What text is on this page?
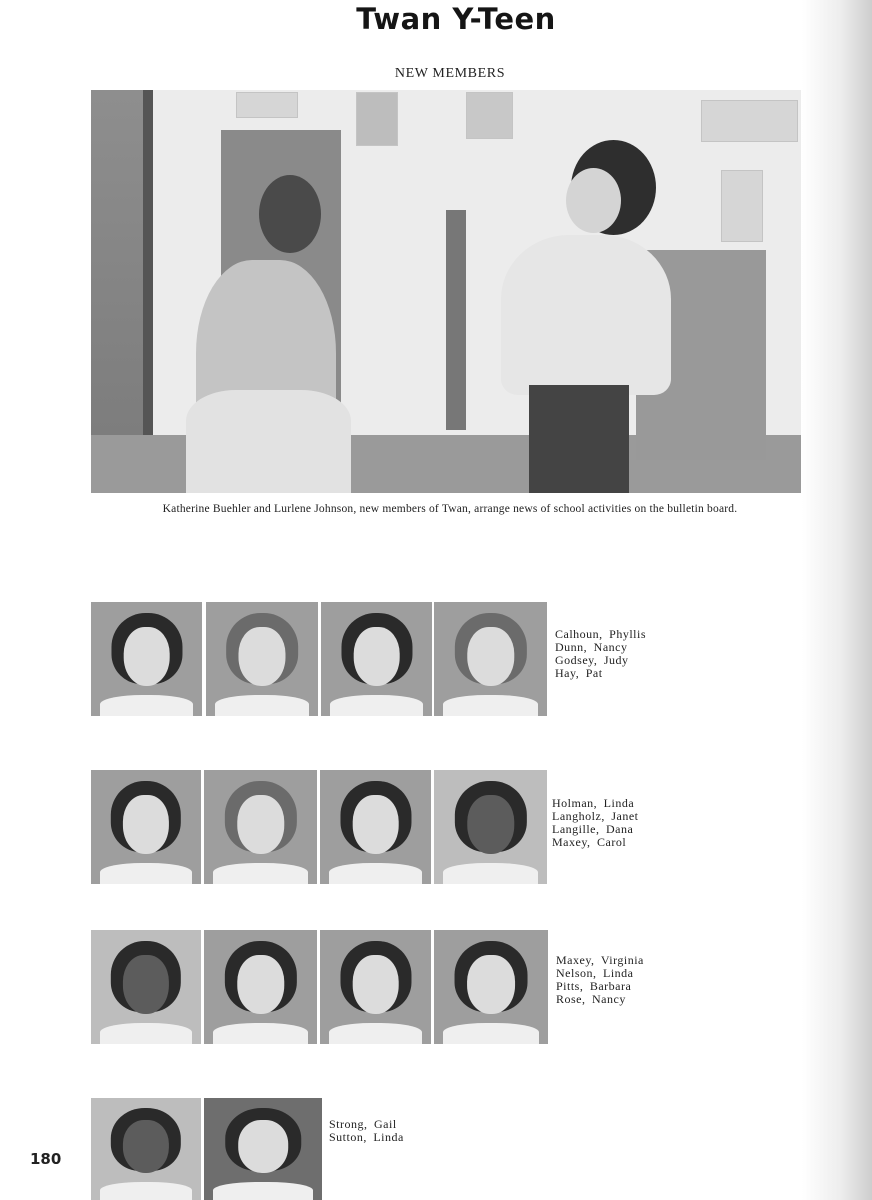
Twan Y-Teen
NEW MEMBERS
Katherine Buehler and Lurlene Johnson, new members of Twan, arrange news of school activities on the bulletin board.
Calhoun, Phyllis
Dunn, Nancy
Godsey, Judy
Hay, Pat
Holman, Linda
Langholz, Janet
Langille, Dana
Maxey, Carol
Maxey, Virginia
Nelson, Linda
Pitts, Barbara
Rose, Nancy
Strong, Gail
Sutton, Linda
180
